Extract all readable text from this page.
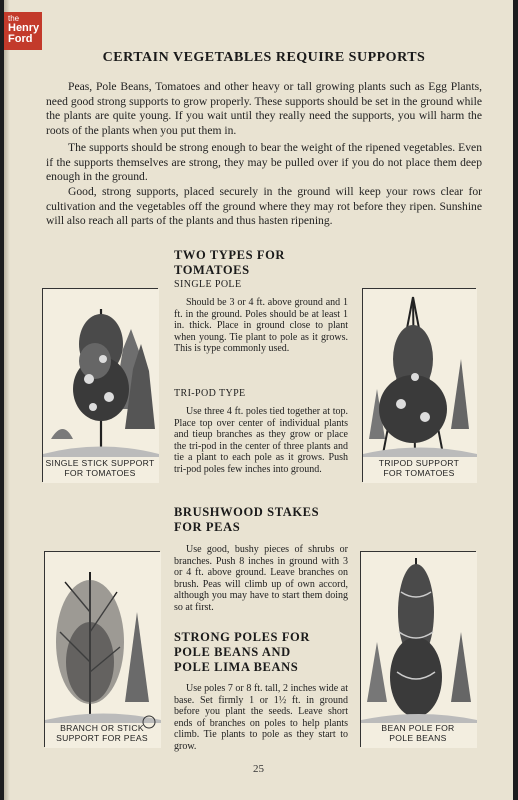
the
Henry
Ford
CERTAIN VEGETABLES REQUIRE SUPPORTS

Peas, Pole Beans, Tomatoes and other heavy or tall growing plants such as Egg Plants, need good strong supports to grow properly. These supports should be set in the ground while the plants are quite young. If you wait until they really need the supports, you will harm the roots of the plants when you put them in.

The supports should be strong enough to bear the weight of the ripened vegetables. Even if the supports themselves are strong, they may be pulled over if you do not place them deep enough in the ground.

Good, strong supports, placed securely in the ground will keep your rows clear for cultivation and the vegetables off the ground where they may rot before they ripen. Sunshine will also reach all parts of the plants and thus hasten ripening.

TWO TYPES FOR
TOMATOES
SINGLE POLE

Should be 3 or 4 ft. above ground and 1 ft. in the ground. Poles should be at least 1 in. thick. Place in ground close to plant when young. Tie plant to pole as it grows. This is type commonly used.

TRI-POD TYPE

Use three 4 ft. poles tied together at top. Place top over center of individual plants and tieup branches as they grow or place the tri-pod in the center of three plants and tie a plant to each pole as it grows. Push tri-pod poles few inches into ground.

BRUSHWOOD STAKES
FOR PEAS

Use good, bushy pieces of shrubs or branches. Push 8 inches in ground with 3 or 4 ft. above ground. Leave branches on brush. Peas will climb up of own accord, although you may have to start them doing so at first.

STRONG POLES FOR
POLE BEANS AND
POLE LIMA BEANS

Use poles 7 or 8 ft. tall, 2 inches wide at base. Set firmly 1 or 1½ ft. in ground before you plant the seeds. Leave short ends of branches on poles to help plants climb. Tie plants to pole as they start to grow.

SINGLE STICK SUPPORT
FOR TOMATOES
TRIPOD SUPPORT
FOR TOMATOES
BRANCH OR STICK
SUPPORT FOR PEAS
BEAN POLE FOR
POLE BEANS
25
